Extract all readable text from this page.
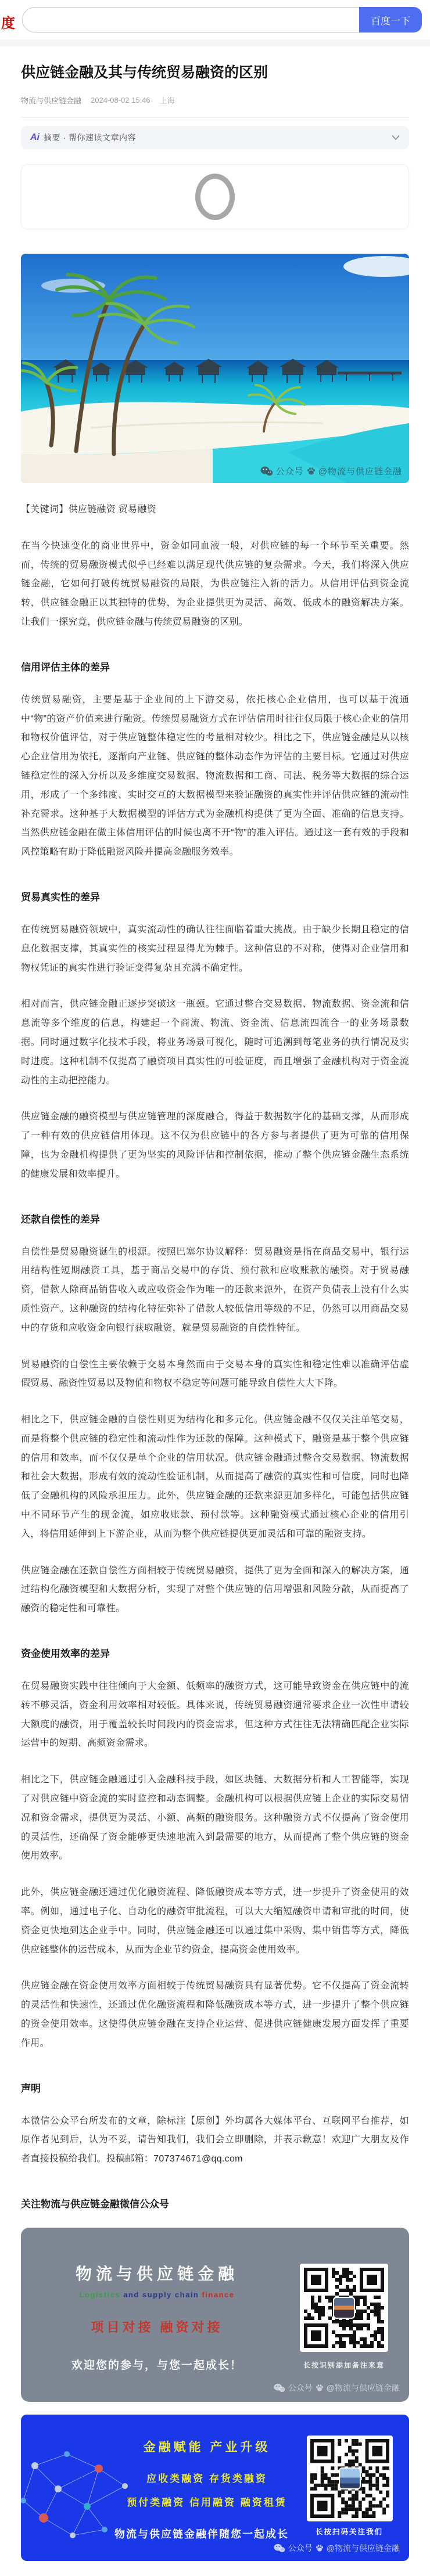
度	百度一下
供应链金融及其与传统贸易融资的区别
物流与供应链金融 2024-08-02 15:46 上海
Ai 摘要 · 帮你速读文章内容
公众号 @物流与供应链金融

【关键词】供应链融资 贸易融资

在当今快速变化的商业世界中，资金如同血液一般，对供应链的每一个环节至关重要。然而，传统的贸易融资模式似乎已经难以满足现代供应链的复杂需求。今天，我们将深入供应链金融，它如何打破传统贸易融资的局限，为供应链注入新的活力。从信用评估到资金流转，供应链金融正以其独特的优势，为企业提供更为灵活、高效、低成本的融资解决方案。让我们一探究竟，供应链金融与传统贸易融资的区别。

信用评估主体的差异

传统贸易融资，主要是基于企业间的上下游交易，依托核心企业信用，也可以基于流通中“物”的资产价值来进行融资。传统贸易融资方式在评估信用时往往仅局限于核心企业的信用和物权价值评估，对于供应链整体稳定性的考量相对较少。相比之下，供应链金融是从以核心企业信用为依托，逐渐向产业链、供应链的整体动态作为评估的主要目标。它通过对供应链稳定性的深入分析以及多维度交易数据、物流数据和工商、司法、税务等大数据的综合运用，形成了一个多纬度、实时交互的大数据模型来验证融资的真实性并评估供应链的流动性补充需求。这种基于大数据模型的评估方式为金融机构提供了更为全面、准确的信息支持。当然供应链金融在做主体信用评估的时候也离不开“物”的准入评估。通过这一套有效的手段和风控策略有助于降低融资风险并提高金融服务效率。

贸易真实性的差异

在传统贸易融资领域中，真实流动性的确认往往面临着重大挑战。由于缺少长期且稳定的信息化数据支撑，其真实性的核实过程显得尤为棘手。这种信息的不对称，使得对企业信用和物权凭证的真实性进行验证变得复杂且充满不确定性。

相对而言，供应链金融正逐步突破这一瓶颈。它通过整合交易数据、物流数据、资金流和信息流等多个维度的信息，构建起一个商流、物流、资金流、信息流四流合一的业务场景数据。同时通过数字化技术手段，将业务场景可视化，随时可追溯到每笔业务的执行情况及实时进度。这种机制不仅提高了融资项目真实性的可验证度，而且增强了金融机构对于资金流动性的主动把控能力。

供应链金融的融资模型与供应链管理的深度融合，得益于数据数字化的基础支撑，从而形成了一种有效的供应链信用体现。这不仅为供应链中的各方参与者提供了更为可靠的信用保障，也为金融机构提供了更为坚实的风险评估和控制依据，推动了整个供应链金融生态系统的健康发展和效率提升。

还款自偿性的差异

自偿性是贸易融资诞生的根源。按照巴塞尔协议解释：贸易融资是指在商品交易中，银行运用结构性短期融资工具，基于商品交易中的存货、预付款和应收账款的融资。对于贸易融资，借款人除商品销售收入或应收资金作为唯一的还款来源外，在资产负债表上没有什么实质性资产。这种融资的结构化特征弥补了借款人较低信用等级的不足，仍然可以用商品交易中的存货和应收资金向银行获取融资，就是贸易融资的自偿性特征。

贸易融资的自偿性主要依赖于交易本身然而由于交易本身的真实性和稳定性难以准确评估虚假贸易、融资性贸易以及物值和物权不稳定等问题可能导致自偿性大大下降。

相比之下，供应链金融的自偿性则更为结构化和多元化。供应链金融不仅仅关注单笔交易，而是将整个供应链的稳定性和流动性作为还款的保障。这种模式下，融资是基于整个供应链的信用和效率，而不仅仅是单个企业的信用状况。供应链金融通过整合交易数据、物流数据和社会大数据，形成有效的流动性验证机制，从而提高了融资的真实性和可信度，同时也降低了金融机构的风险承担压力。此外，供应链金融的还款来源更加多样化，可能包括供应链中不同环节产生的现金流，如应收账款、预付款等。这种融资模式通过核心企业的信用引入，将信用延伸到上下游企业，从而为整个供应链提供更加灵活和可靠的融资支持。

供应链金融在还款自偿性方面相较于传统贸易融资，提供了更为全面和深入的解决方案，通过结构化融资模型和大数据分析，实现了对整个供应链的信用增强和风险分散，从而提高了融资的稳定性和可靠性。

资金使用效率的差异

在贸易融资实践中往往倾向于大金额、低频率的融资方式，这可能导致资金在供应链中的流转不够灵活，资金利用效率相对较低。具体来说，传统贸易融资通常要求企业一次性申请较大额度的融资，用于覆盖较长时间段内的资金需求，但这种方式往往无法精确匹配企业实际运营中的短期、高频资金需求。

相比之下，供应链金融通过引入金融科技手段，如区块链、大数据分析和人工智能等，实现了对供应链中资金流的实时监控和动态调整。金融机构可以根据供应链上企业的实际交易情况和资金需求，提供更为灵活、小额、高频的融资服务。这种融资方式不仅提高了资金使用的灵活性，还确保了资金能够更快速地流入到最需要的地方，从而提高了整个供应链的资金使用效率。

此外，供应链金融还通过优化融资流程、降低融资成本等方式，进一步提升了资金使用的效率。例如，通过电子化、自动化的融资审批流程，可以大大缩短融资申请和审批的时间，使资金更快地到达企业手中。同时，供应链金融还可以通过集中采购、集中销售等方式，降低供应链整体的运营成本，从而为企业节约资金，提高资金使用效率。

供应链金融在资金使用效率方面相较于传统贸易融资具有显著优势。它不仅提高了资金流转的灵活性和快速性，还通过优化融资流程和降低融资成本等方式，进一步提升了整个供应链的资金使用效率。这使得供应链金融在支持企业运营、促进供应链健康发展方面发挥了重要作用。

声明

本微信公众平台所发布的文章，除标注【原创】外均属各大媒体平台、互联网平台推荐，如原作者见到后，认为不妥，请告知我们，我们会立即删除，并表示歉意！欢迎广大朋友及作者直接投稿给我们。投稿邮箱：707374671@qq.com

关注物流与供应链金融微信公众号
物流与供应链金融
Logistics and supply chain finance
项目对接 融资对接
欢迎您的参与，与您一起成长！	长按识别添加备注来意
公众号 @物流与供应链金融
金融赋能 产业升级
应收类融资 存货类融资
预付类融资 信用融资 融资租赁
物流与供应链金融伴随您一起成长	长按扫码关注我们
公众号 @物流与供应链金融
